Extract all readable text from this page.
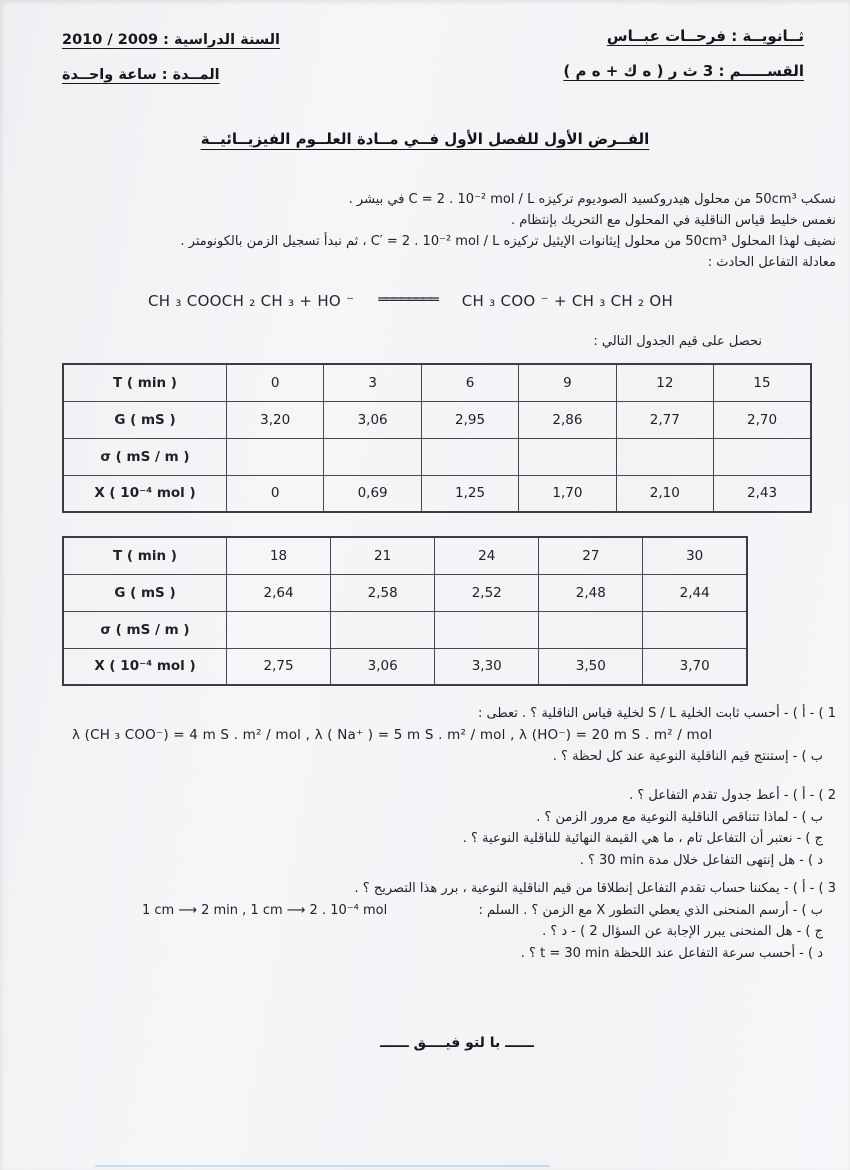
ثــانويــة : فرحــات عبــاس
القســـــم : 3 ث ر ( ه ك + ه م )
السنة الدراسية : 2009 / 2010
المــدة : ساعة واحــدة
الفــرض الأول للفصل الأول فــي مــادة العلــوم الفيزيــائيــة
نسكب ⁦50cm³⁩ من محلول هيدروكسيد الصوديوم تركيزه ⁦C = 2 . 10⁻² mol / L⁩ في بيشر .
نغمس خليط قياس الناقلية في المحلول مع التحريك بإنتظام .
نضيف لهذا المحلول ⁦50cm³⁩ من محلول إيثانوات الإيثيل تركيزه ⁦C′ = 2 . 10⁻² mol / L⁩ ، ثم نبدأ تسجيل الزمن بالكونومتر .
معادلة التفاعل الحادث :
CH ₃ COOCH ₂ CH ₃ + HO ⁻ ════════ CH ₃ COO ⁻ + CH ₃ CH ₂ OH
نحصل على قيم الجدول التالي :
T ( min )	0	3	6	9	12	15
G ( mS )	3,20	3,06	2,95	2,86	2,77	2,70
σ ( mS / m )						
X ( 10⁻⁴ mol )	0	0,69	1,25	1,70	2,10	2,43
T ( min )	18	21	24	27	30
G ( mS )	2,64	2,58	2,52	2,48	2,44
σ ( mS / m )					
X ( 10⁻⁴ mol )	2,75	3,06	3,30	3,50	3,70
1 ) - أ ) - أحسب ثابت الخلية ⁦S / L⁩ لخلية قياس الناقلية ؟ . تعطى :
λ (CH ₃ COO⁻) = 4 m S . m² / mol , λ ( Na⁺ ) = 5 m S . m² / mol , λ (HO⁻) = 20 m S . m² / mol
ب ) - إستنتج قيم الناقلية النوعية عند كل لحظة ؟ .
2 ) - أ ) - أعط جدول تقدم التفاعل ؟ .
ب ) - لماذا تتناقص الناقلية النوعية مع مرور الزمن ؟ .
ج ) - نعتبر أن التفاعل تام ، ما هي القيمة النهائية للناقلية النوعية ؟ .
د ) - هل إنتهى التفاعل خلال مدة ⁦30 min⁩ ؟ .
3 ) - أ ) - يمكننا حساب تقدم التفاعل إنطلاقا من قيم الناقلية النوعية ، برر هذا التصريح ؟ .
ب ) - أرسم المنحنى الذي يعطي التطور X مع الزمن ؟ . السلم :
1 cm ⟶ 2 min , 1 cm ⟶ 2 . 10⁻⁴ mol
ج ) - هل المنحنى يبرر الإجابة عن السؤال 2 ) - د ؟ .
د ) - أحسب سرعة التفاعل عند اللحظة ⁦t = 30 min⁩ ؟ .
ــــــ با لتو فيــــق ــــــ
